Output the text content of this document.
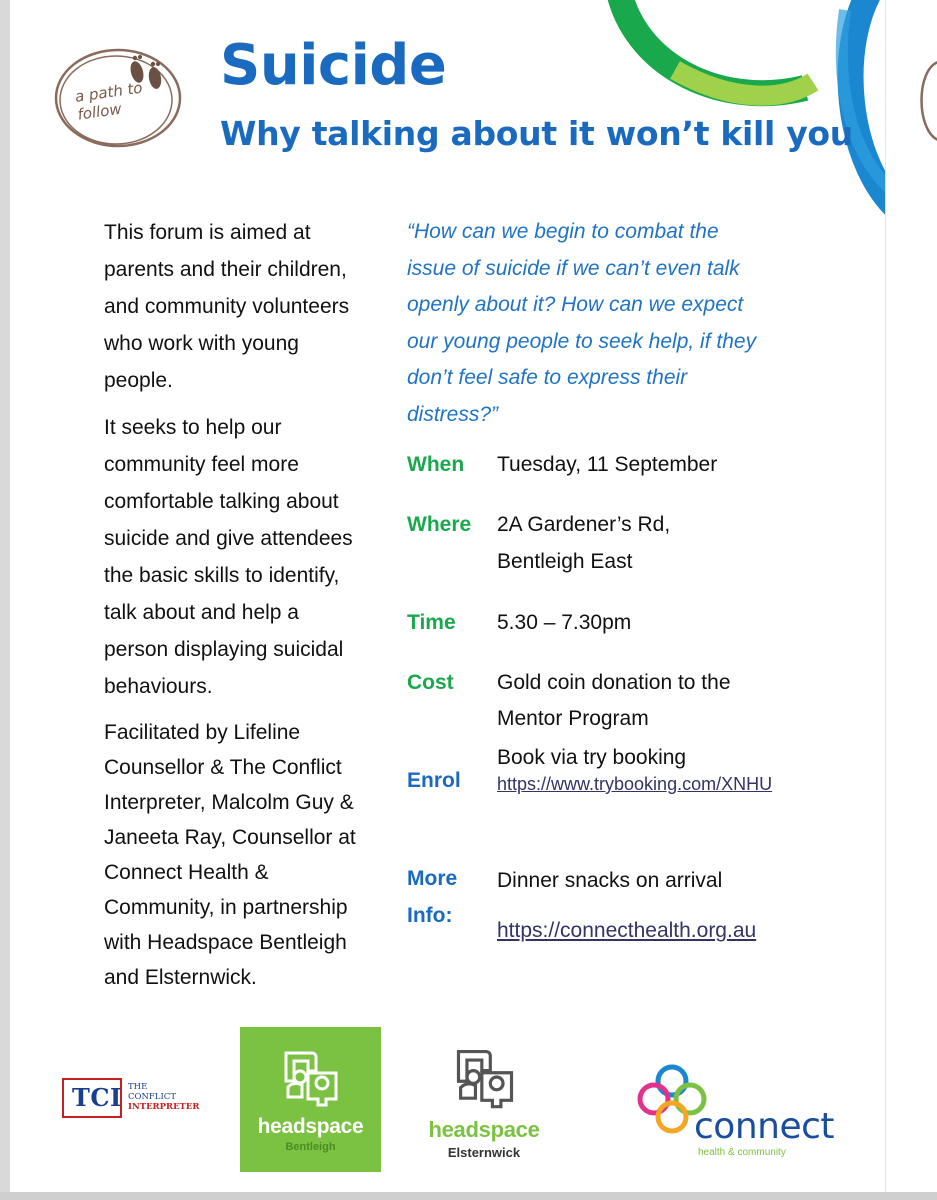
a path to follow
Suicide
Why talking about it won’t kill you

This forum is aimed at parents and their children, and community volunteers who work with young people.

It seeks to help our community feel more comfortable talking about suicide and give attendees the basic skills to identify, talk about and help a person displaying suicidal behaviours.

Facilitated by Lifeline Counsellor & The Conflict Interpreter, Malcolm Guy & Janeeta Ray, Counsellor at Connect Health & Community, in partnership with Headspace Bentleigh and Elsternwick.

“How can we begin to combat the issue of suicide if we can’t even talk openly about it? How can we expect our young people to seek help, if they don’t feel safe to express their distress?”
When Tuesday, 11 September
Where 2A Gardener’s Rd, Bentleigh East
Time 5.30 – 7.30pm
Cost Gold coin donation to the Mentor Program
Enrol
Book via try booking
https://www.trybooking.com/XNHU
More Info:
Dinner snacks on arrival
https://connecthealth.org.au
TCI THE
CONFLICT
INTERPRETER
headspace
Bentleigh
headspace
Elsternwick
connect
health & community
